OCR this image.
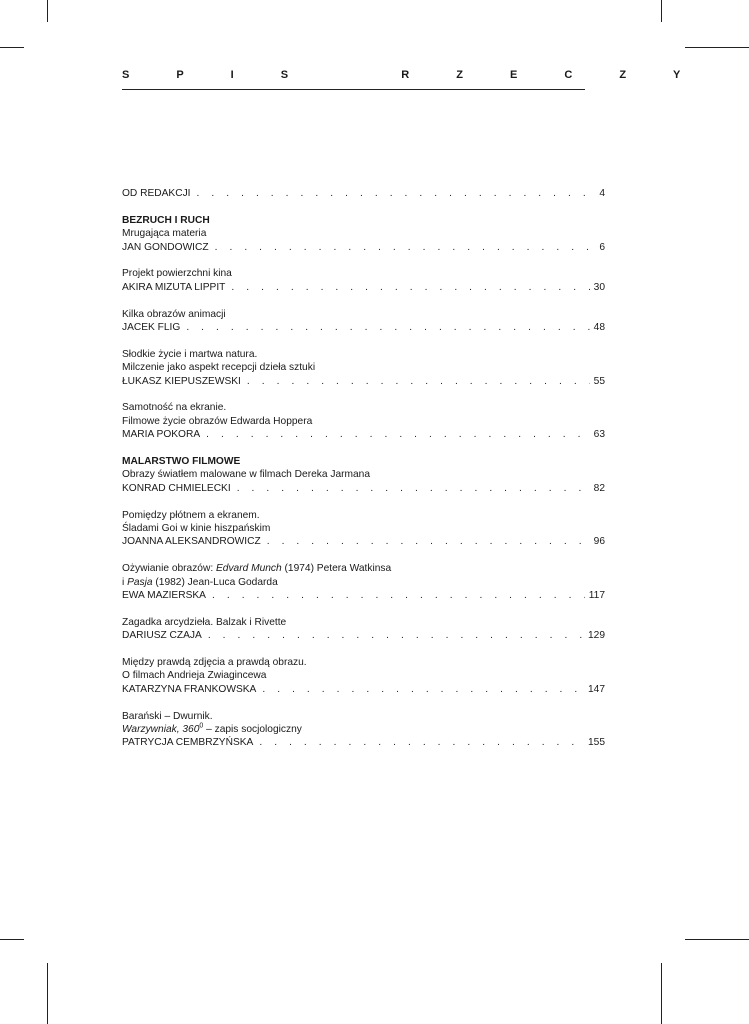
S P I S   R Z E C Z Y
OD REDAKCJI . . .	4
BEZRUCH I RUCH
Mrugająca materia
JAN GONDOWICZ . . .	6
Projekt powierzchni kina
AKIRA MIZUTA LIPPIT . . .	30
Kilka obrazów animacji
JACEK FLIG . . .	48
Słodkie życie i martwa natura.
Milczenie jako aspekt recepcji dzieła sztuki
ŁUKASZ KIEPUSZEWSKI . . .	55
Samotność na ekranie.
Filmowe życie obrazów Edwarda Hoppera
MARIA POKORA . . .	63
MALARSTWO FILMOWE
Obrazy światłem malowane w filmach Dereka Jarmana
KONRAD CHMIELECKI . . .	82
Pomiędzy płótnem a ekranem.
Śladami Goi w kinie hiszpańskim
JOANNA ALEKSANDROWICZ . . .	96
Ożywianie obrazów: Edvard Munch (1974) Petera Watkinsa
i Pasja (1982) Jean-Luca Godarda
EWA MAZIERSKA . . .	117
Zagadka arcydzieła. Balzak i Rivette
DARIUSZ CZAJA . . .	129
Między prawdą zdjęcia a prawdą obrazu.
O filmach Andrieja Zwiagincewa
KATARZYNA FRANKOWSKA . . .	147
Barański – Dwurnik.
Warzywniak, $360^0$ – zapis socjologiczny
PATRYCJA CEMBRZYŃSKA . . .	155
